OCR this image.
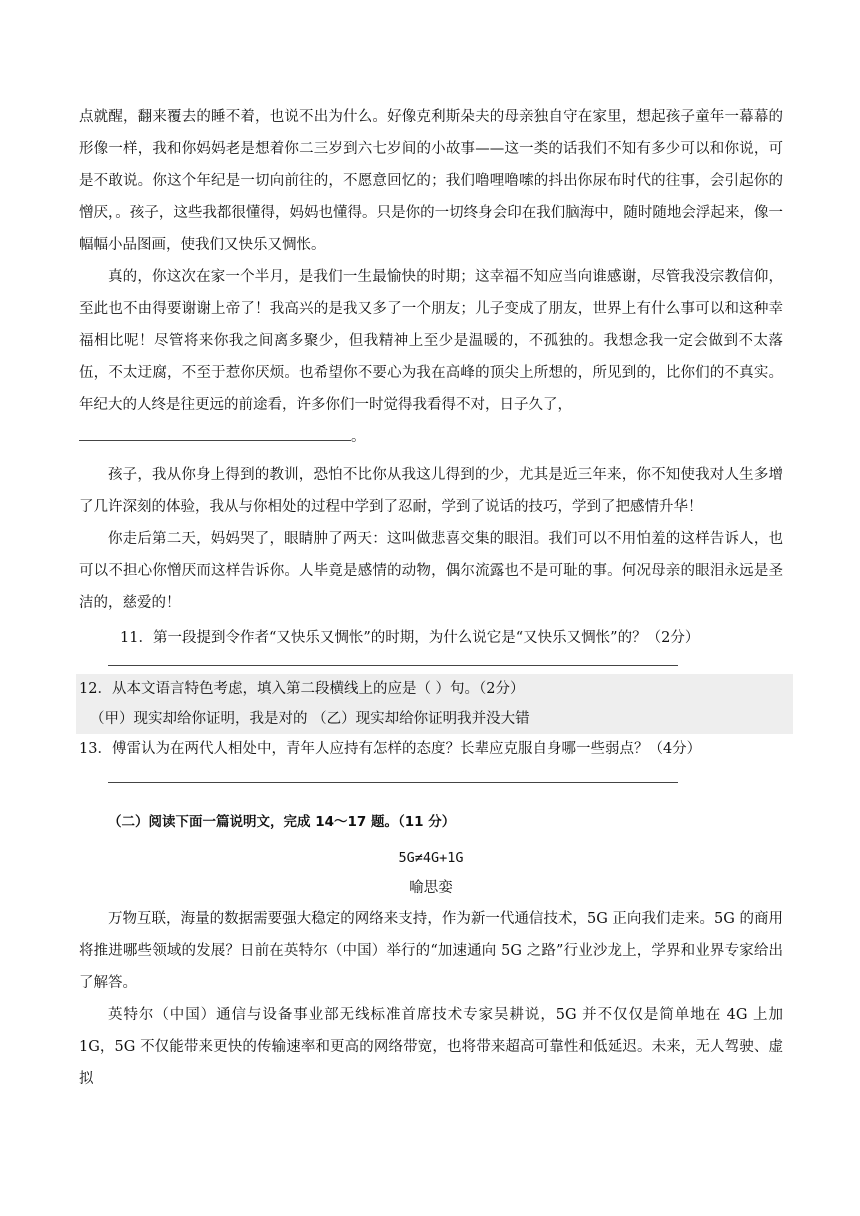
点就醒，翻来覆去的睡不着，也说不出为什么。好像克利斯朵夫的母亲独自守在家里，想起孩子童年一幕幕的形像一样，我和你妈妈老是想着你二三岁到六七岁间的小故事——这一类的话我们不知有多少可以和你说，可是不敢说。你这个年纪是一切向前往的，不愿意回忆的；我们噜哩噜嗦的抖出你尿布时代的往事，会引起你的憎厌，。孩子，这些我都很懂得，妈妈也懂得。只是你的一切终身会印在我们脑海中，随时随地会浮起来，像一幅幅小品图画，使我们又快乐又惆怅。

真的，你这次在家一个半月，是我们一生最愉快的时期；这幸福不知应当向谁感谢，尽管我没宗教信仰，至此也不由得要谢谢上帝了！我高兴的是我又多了一个朋友；儿子变成了朋友，世界上有什么事可以和这种幸福相比呢！尽管将来你我之间离多聚少，但我精神上至少是温暖的，不孤独的。我想念我一定会做到不太落伍，不太迂腐，不至于惹你厌烦。也希望你不要心为我在高峰的顶尖上所想的，所见到的，比你们的不真实。年纪大的人终是往更远的前途看，许多你们一时觉得我看得不对，日子久了，
。

孩子，我从你身上得到的教训，恐怕不比你从我这儿得到的少，尤其是近三年来，你不知使我对人生多增了几许深刻的体验，我从与你相处的过程中学到了忍耐，学到了说话的技巧，学到了把感情升华！

你走后第二天，妈妈哭了，眼睛肿了两天：这叫做悲喜交集的眼泪。我们可以不用怕羞的这样告诉人，也可以不担心你憎厌而这样告诉你。人毕竟是感情的动物，偶尔流露也不是可耻的事。何况母亲的眼泪永远是圣洁的，慈爱的！

11．第一段提到令作者“又快乐又惆怅”的时期，为什么说它是“又快乐又惆怅”的？（2分）

12．从本文语言特色考虑，填入第二段横线上的应是（ ）句。（2分）

（甲）现实却给你证明，我是对的 （乙）现实却给你证明我并没大错

13．傅雷认为在两代人相处中，青年人应持有怎样的态度？长辈应克服自身哪一些弱点？（4分）

（二）阅读下面一篇说明文，完成 14～17 题。（11 分）

5G≠4G+1G

喻思娈

万物互联，海量的数据需要强大稳定的网络来支持，作为新一代通信技术，5G 正向我们走来。5G 的商用将推进哪些领域的发展？日前在英特尔（中国）举行的“加速通向 5G 之路”行业沙龙上，学界和业界专家给出了解答。

英特尔（中国）通信与设备事业部无线标准首席技术专家吴耕说，5G 并不仅仅是简单地在 4G 上加 1G，5G 不仅能带来更快的传输速率和更高的网络带宽，也将带来超高可靠性和低延迟。未来，无人驾驶、虚拟
